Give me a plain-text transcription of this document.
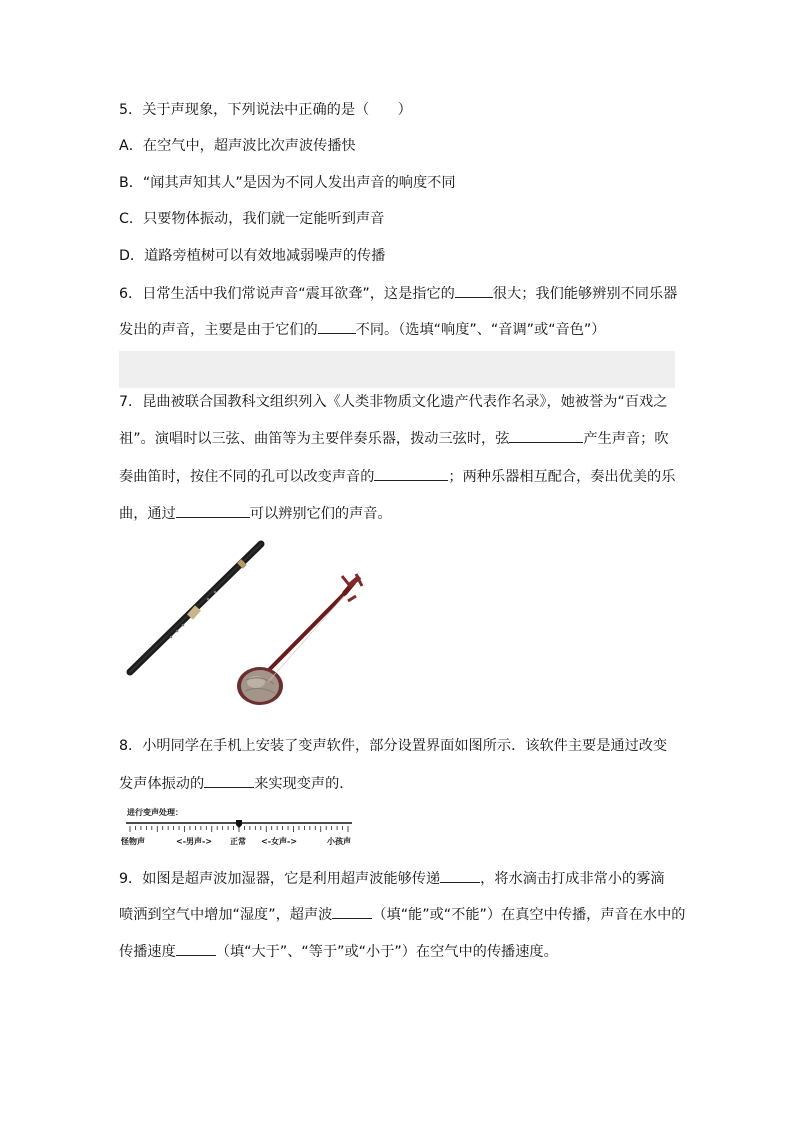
5．关于声现象，下列说法中正确的是（　　）
A．在空气中，超声波比次声波传播快
B．“闻其声知其人”是因为不同人发出声音的响度不同
C．只要物体振动，我们就一定能听到声音
D．道路旁植树可以有效地减弱噪声的传播
6．日常生活中我们常说声音“震耳欲聋”，这是指它的	很大；我们能够辨别不同乐器
发出的声音，主要是由于它们的	不同。（选填“响度”、“音调”或“音色”）
7．昆曲被联合国教科文组织列入《人类非物质文化遗产代表作名录》，她被誉为“百戏之
祖”。演唱时以三弦、曲笛等为主要伴奏乐器，拨动三弦时，弦	产生声音；吹
奏曲笛时，按住不同的孔可以改变声音的	；两种乐器相互配合，奏出优美的乐
曲，通过	可以辨别它们的声音。
8．小明同学在手机上安装了变声软件，部分设置界面如图所示．该软件主要是通过改变
发声体振动的	来实现变声的．
进行变声处理：
怪物声	<-男声-> 正常 <-女声->	小孩声
9．如图是超声波加湿器，它是利用超声波能够传递	，将水滴击打成非常小的雾滴
喷洒到空气中增加“湿度”，超声波	（填“能”或“不能”）在真空中传播，声音在水中的
传播速度	（填“大于”、“等于”或“小于”）在空气中的传播速度。
